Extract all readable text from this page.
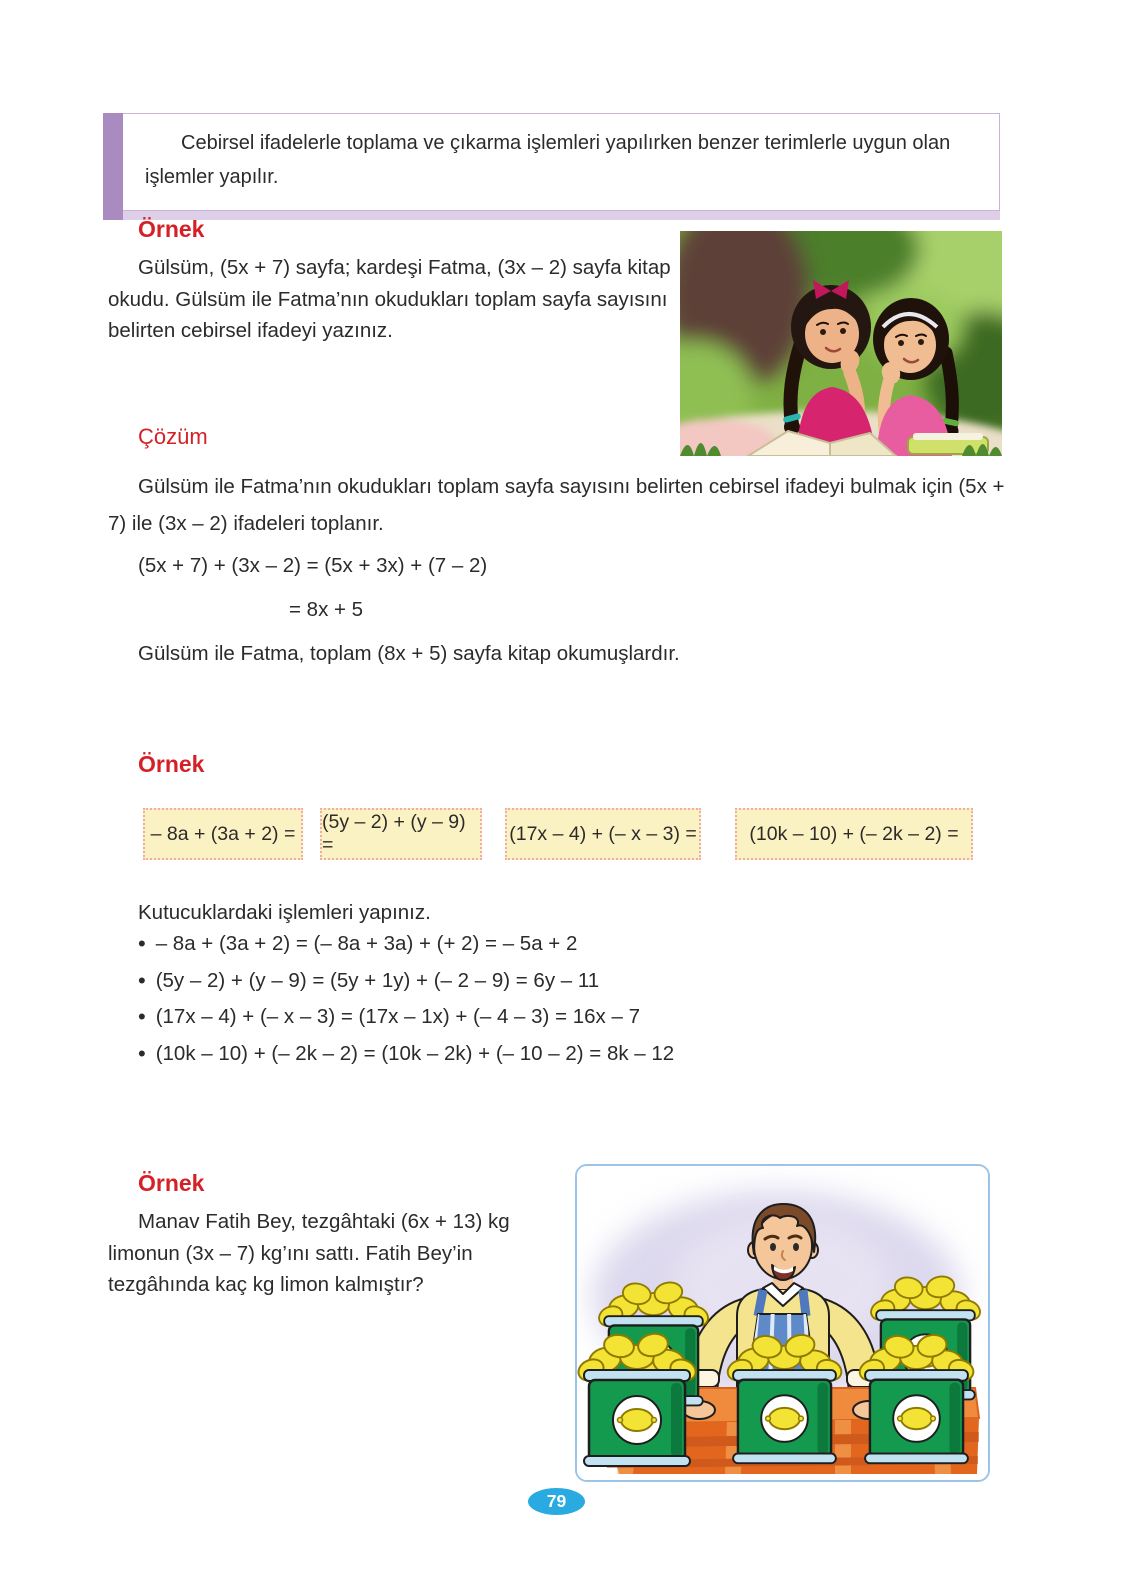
Cebirsel ifadelerle toplama ve çıkarma işlemleri yapılırken benzer terimlerle uygun olan işlemler yapılır.
Örnek
Gülsüm, (5x + 7) sayfa; kardeşi Fatma, (3x – 2) sayfa kitap okudu. Gülsüm ile Fatma’nın okudukları toplam sayfa sayısını belirten cebirsel ifadeyi yazınız.
Çözüm
Gülsüm ile Fatma’nın okudukları toplam sayfa sayısını belirten cebirsel ifadeyi bulmak için (5x + 7) ile (3x – 2) ifadeleri toplanır.
(5x + 7) + (3x – 2) = (5x + 3x) + (7 – 2)
= 8x + 5
Gülsüm ile Fatma, toplam (8x + 5) sayfa kitap okumuşlardır.
Örnek
– 8a + (3a + 2) =
(5y – 2) + (y – 9) =
(17x – 4) + (– x – 3) =	(10k – 10) + (– 2k – 2) =
Kutucuklardaki işlemleri yapınız.
• – 8a + (3a + 2) = (– 8a + 3a) + (+ 2) = – 5a + 2
• (5y – 2) + (y – 9) = (5y + 1y) + (– 2 – 9) = 6y – 11
• (17x – 4) + (– x – 3) = (17x – 1x) + (– 4 – 3) = 16x – 7
• (10k – 10) + (– 2k – 2) = (10k – 2k) + (– 10 – 2) = 8k – 12
Örnek
Manav Fatih Bey, tezgâhtaki (6x + 13) kg limonun (3x – 7) kg’ını sattı. Fatih Bey’in tezgâhında kaç kg limon kalmıştır?
79
